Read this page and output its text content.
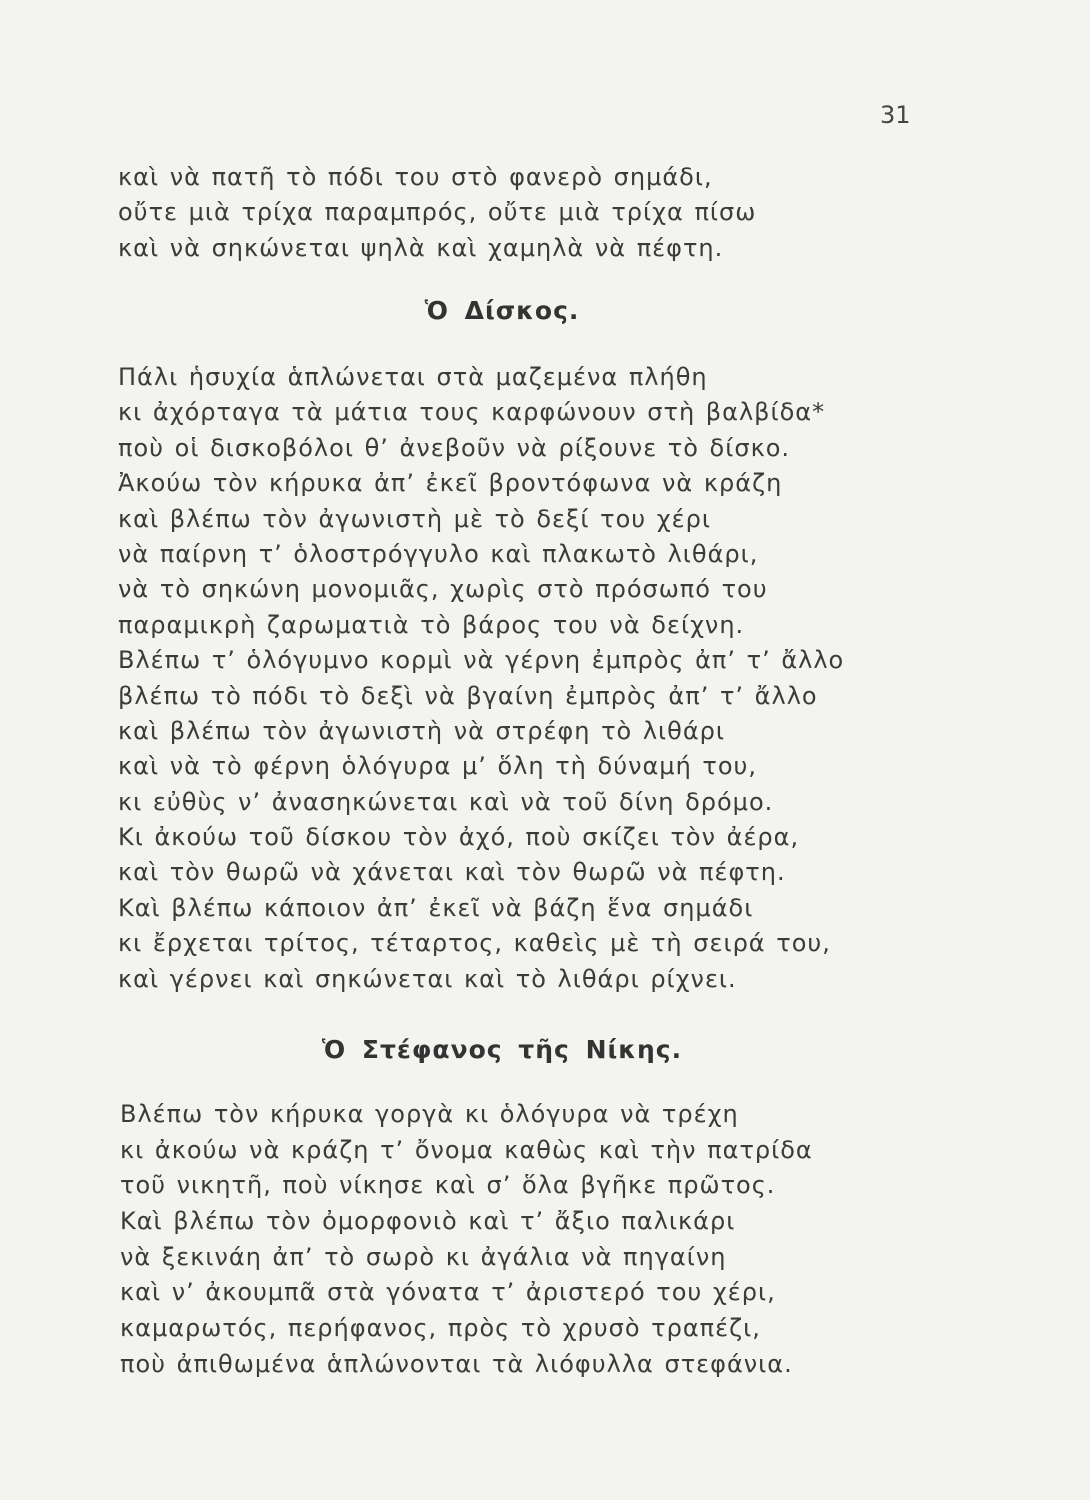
31
καὶ νὰ πατῆ τὸ πόδι του στὸ φανερὸ σημάδι,
οὔτε μιὰ τρίχα παραμπρός, οὔτε μιὰ τρίχα πίσω
καὶ νὰ σηκώνεται ψηλὰ καὶ χαμηλὰ νὰ πέφτη.
Ὁ Δίσκος.
Πάλι ἡσυχία ἁπλώνεται στὰ μαζεμένα πλήθη
κι ἀχόρταγα τὰ μάτια τους καρφώνουν στὴ βαλβίδα*
ποὺ οἱ δισκοβόλοι θ’ ἀνεβοῦν νὰ ρίξουνε τὸ δίσκο.
Ἀκούω τὸν κήρυκα ἀπ’ ἐκεῖ βροντόφωνα νὰ κράζη
καὶ βλέπω τὸν ἀγωνιστὴ μὲ τὸ δεξί του χέρι
νὰ παίρνη τ’ ὁλοστρόγγυλο καὶ πλακωτὸ λιθάρι,
νὰ τὸ σηκώνη μονομιᾶς, χωρὶς στὸ πρόσωπό του
παραμικρὴ ζαρωματιὰ τὸ βάρος του νὰ δείχνη.
Βλέπω τ’ ὁλόγυμνο κορμὶ νὰ γέρνη ἐμπρὸς ἀπ’ τ’ ἄλλο
βλέπω τὸ πόδι τὸ δεξὶ νὰ βγαίνη ἐμπρὸς ἀπ’ τ’ ἄλλο
καὶ βλέπω τὸν ἀγωνιστὴ νὰ στρέφη τὸ λιθάρι
καὶ νὰ τὸ φέρνη ὁλόγυρα μ’ ὅλη τὴ δύναμή του,
κι εὐθὺς ν’ ἀνασηκώνεται καὶ νὰ τοῦ δίνη δρόμο.
Κι ἀκούω τοῦ δίσκου τὸν ἀχό, ποὺ σκίζει τὸν ἀέρα,
καὶ τὸν θωρῶ νὰ χάνεται καὶ τὸν θωρῶ νὰ πέφτη.
Καὶ βλέπω κάποιον ἀπ’ ἐκεῖ νὰ βάζη ἕνα σημάδι
κι ἔρχεται τρίτος, τέταρτος, καθεὶς μὲ τὴ σειρά του,
καὶ γέρνει καὶ σηκώνεται καὶ τὸ λιθάρι ρίχνει.
Ὁ Στέφανος τῆς Νίκης.
Βλέπω τὸν κήρυκα γοργὰ κι ὁλόγυρα νὰ τρέχη
κι ἀκούω νὰ κράζη τ’ ὄνομα καθὼς καὶ τὴν πατρίδα
τοῦ νικητῆ, ποὺ νίκησε καὶ σ’ ὅλα βγῆκε πρῶτος.
Καὶ βλέπω τὸν ὀμορφονιὸ καὶ τ’ ἄξιο παλικάρι
νὰ ξεκινάη ἀπ’ τὸ σωρὸ κι ἀγάλια νὰ πηγαίνη
καὶ ν’ ἀκουμπᾶ στὰ γόνατα τ’ ἀριστερό του χέρι,
καμαρωτός, περήφανος, πρὸς τὸ χρυσὸ τραπέζι,
ποὺ ἀπιθωμένα ἁπλώνονται τὰ λιόφυλλα στεφάνια.
